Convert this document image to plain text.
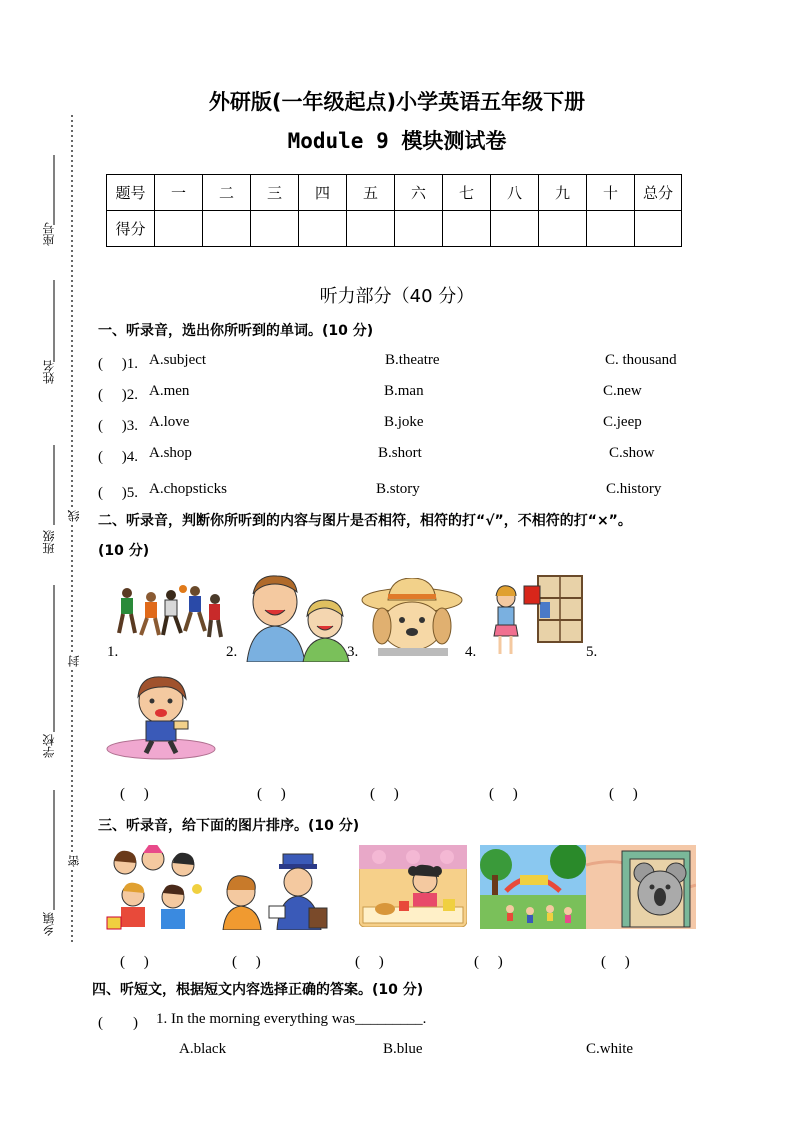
外研版(一年级起点)小学英语五年级下册
Module 9 模块测试卷
题号	一	二	三	四	五	六	七	八	九	十	总分
得分											
座号
姓名
班级
学校
乡镇
线
封
密
听力部分（40 分）
一、听录音，选出你所听到的单词。(10 分)
(　 )1. A.subject	B.theatre	C. thousand
(　 )2. A.men	B.man	C.new
(　 )3. A.love	B.joke	C.jeep
(　 )4. A.shop	B.short	C.show
(　 )5. A.chopsticks	B.story	C.history
二、听录音，判断你所听到的内容与图片是否相符，相符的打“√”，不相符的打“×”。
(10 分)
1.	2.	3.	4.	5.
(　 )	(　 )	(　 )	(　 )	(　 )
三、听录音，给下面的图片排序。(10 分)
(　 )	(　 )	(　 )	(　 )	(　 )
四、听短文，根据短文内容选择正确的答案。(10 分)
(　　) 1. In the morning everything was_________.
A.black	B.blue	C.white
